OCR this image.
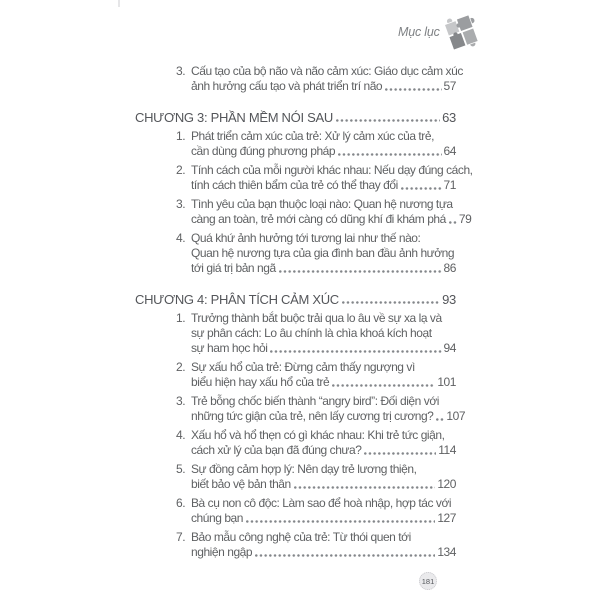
Mục lục
3. Cấu tạo của bộ não và não cảm xúc: Giáo dục cảm xúc
ảnh hưởng cấu tạo và phát triển trí não	57
CHƯƠNG 3: PHẦN MỀM NÓI SAU	63
1. Phát triển cảm xúc của trẻ: Xử lý cảm xúc của trẻ,
cần dùng đúng phương pháp	64
2. Tính cách của mỗi người khác nhau: Nếu dạy đúng cách,
tính cách thiên bẩm của trẻ có thể thay đổi	71
3. Tình yêu của bạn thuộc loại nào: Quan hệ nương tựa
càng an toàn, trẻ mới càng có dũng khí đi khám phá 79
4. Quá khứ ảnh hưởng tới tương lai như thế nào:
Quan hệ nương tựa của gia đình ban đầu ảnh hưởng
tới giá trị bản ngã	86
CHƯƠNG 4: PHÂN TÍCH CẢM XÚC	93
1. Trưởng thành bắt buộc trải qua lo âu về sự xa lạ và
sự phân cách: Lo âu chính là chìa khoá kích hoạt
sự ham học hỏi	94
2. Sự xấu hổ của trẻ: Đừng cảm thấy ngượng vì
biểu hiện hay xấu hổ của trẻ	101
3. Trẻ bỗng chốc biến thành “angry bird”: Đối diện với
những tức giận của trẻ, nên lấy cương trị cương? 107
4. Xấu hổ và hổ thẹn có gì khác nhau: Khi trẻ tức giận,
cách xử lý của bạn đã đúng chưa?	114
5. Sự đồng cảm hợp lý: Nên dạy trẻ lương thiện,
biết bảo vệ bản thân	120
6. Bà cụ non cô độc: Làm sao để hoà nhập, hợp tác với
chúng bạn	127
7. Bảo mẫu công nghệ của trẻ: Từ thói quen tới
nghiện ngập	134
181
